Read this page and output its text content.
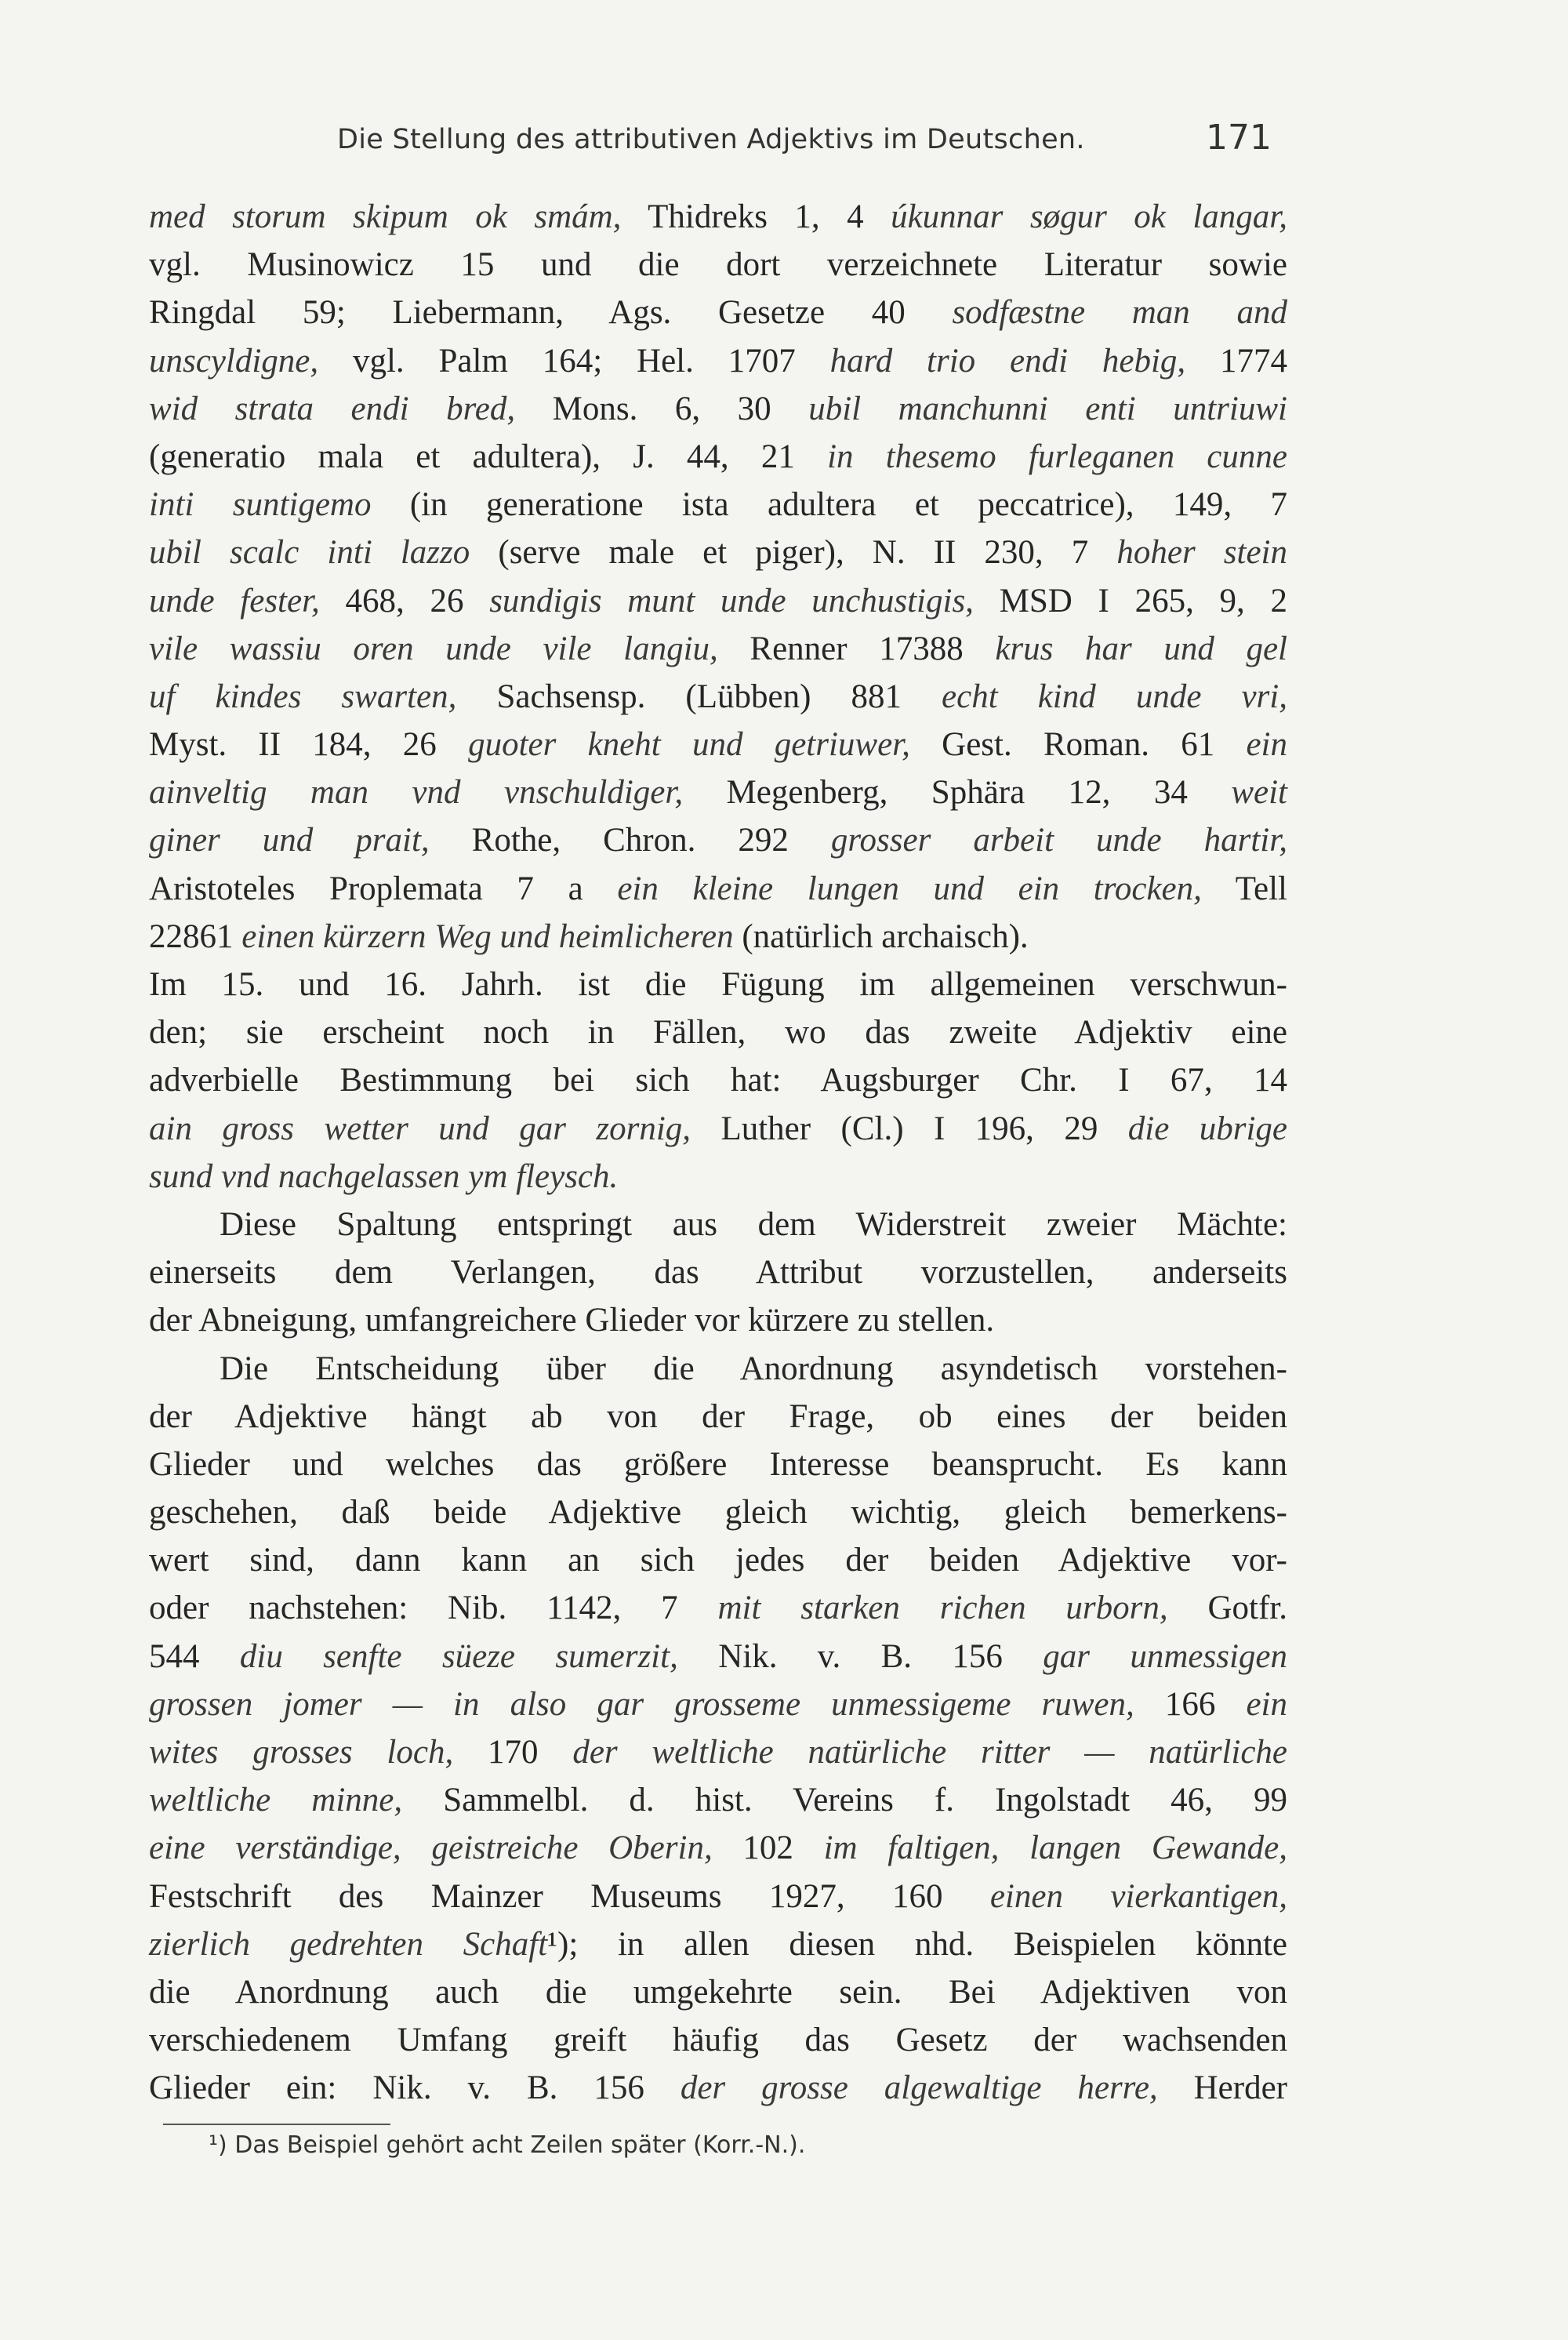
Die Stellung des attributiven Adjektivs im Deutschen.	171
med storum skipum ok smám, Thidreks 1, 4 úkunnar søgur ok langar,
vgl. Musinowicz 15 und die dort verzeichnete Literatur sowie
Ringdal 59; Liebermann, Ags. Gesetze 40 sodfæstne man and
unscyldigne, vgl. Palm 164; Hel. 1707 hard trio endi hebig, 1774
wid strata endi bred, Mons. 6, 30 ubil manchunni enti untriuwi
(generatio mala et adultera), J. 44, 21 in thesemo furleganen cunne
inti suntigemo (in generatione ista adultera et peccatrice), 149, 7
ubil scalc inti lazzo (serve male et piger), N. II 230, 7 hoher stein
unde fester, 468, 26 sundigis munt unde unchustigis, MSD I 265, 9, 2
vile wassiu oren unde vile langiu, Renner 17388 krus har und gel
uf kindes swarten, Sachsensp. (Lübben) 881 echt kind unde vri,
Myst. II 184, 26 guoter kneht und getriuwer, Gest. Roman. 61 ein
ainveltig man vnd vnschuldiger, Megenberg, Sphära 12, 34 weit
giner und prait, Rothe, Chron. 292 grosser arbeit unde hartir,
Aristoteles Proplemata 7 a ein kleine lungen und ein trocken, Tell
22861 einen kürzern Weg und heimlicheren (natürlich archaisch).
Im 15. und 16. Jahrh. ist die Fügung im allgemeinen verschwun-
den; sie erscheint noch in Fällen, wo das zweite Adjektiv eine
adverbielle Bestimmung bei sich hat: Augsburger Chr. I 67, 14
ain gross wetter und gar zornig, Luther (Cl.) I 196, 29 die ubrige
sund vnd nachgelassen ym fleysch.
Diese Spaltung entspringt aus dem Widerstreit zweier Mächte:
einerseits dem Verlangen, das Attribut vorzustellen, anderseits
der Abneigung, umfangreichere Glieder vor kürzere zu stellen.
Die Entscheidung über die Anordnung asyndetisch vorstehen-
der Adjektive hängt ab von der Frage, ob eines der beiden
Glieder und welches das größere Interesse beansprucht. Es kann
geschehen, daß beide Adjektive gleich wichtig, gleich bemerkens-
wert sind, dann kann an sich jedes der beiden Adjektive vor-
oder nachstehen: Nib. 1142, 7 mit starken richen urborn, Gotfr.
544 diu senfte süeze sumerzit, Nik. v. B. 156 gar unmessigen
grossen jomer — in also gar grosseme unmessigeme ruwen, 166 ein
wites grosses loch, 170 der weltliche natürliche ritter — natürliche
weltliche minne, Sammelbl. d. hist. Vereins f. Ingolstadt 46, 99
eine verständige, geistreiche Oberin, 102 im faltigen, langen Gewande,
Festschrift des Mainzer Museums 1927, 160 einen vierkantigen,
zierlich gedrehten Schaft¹); in allen diesen nhd. Beispielen könnte
die Anordnung auch die umgekehrte sein. Bei Adjektiven von
verschiedenem Umfang greift häufig das Gesetz der wachsenden
Glieder ein: Nik. v. B. 156 der grosse algewaltige herre, Herder
¹) Das Beispiel gehört acht Zeilen später (Korr.-N.).
